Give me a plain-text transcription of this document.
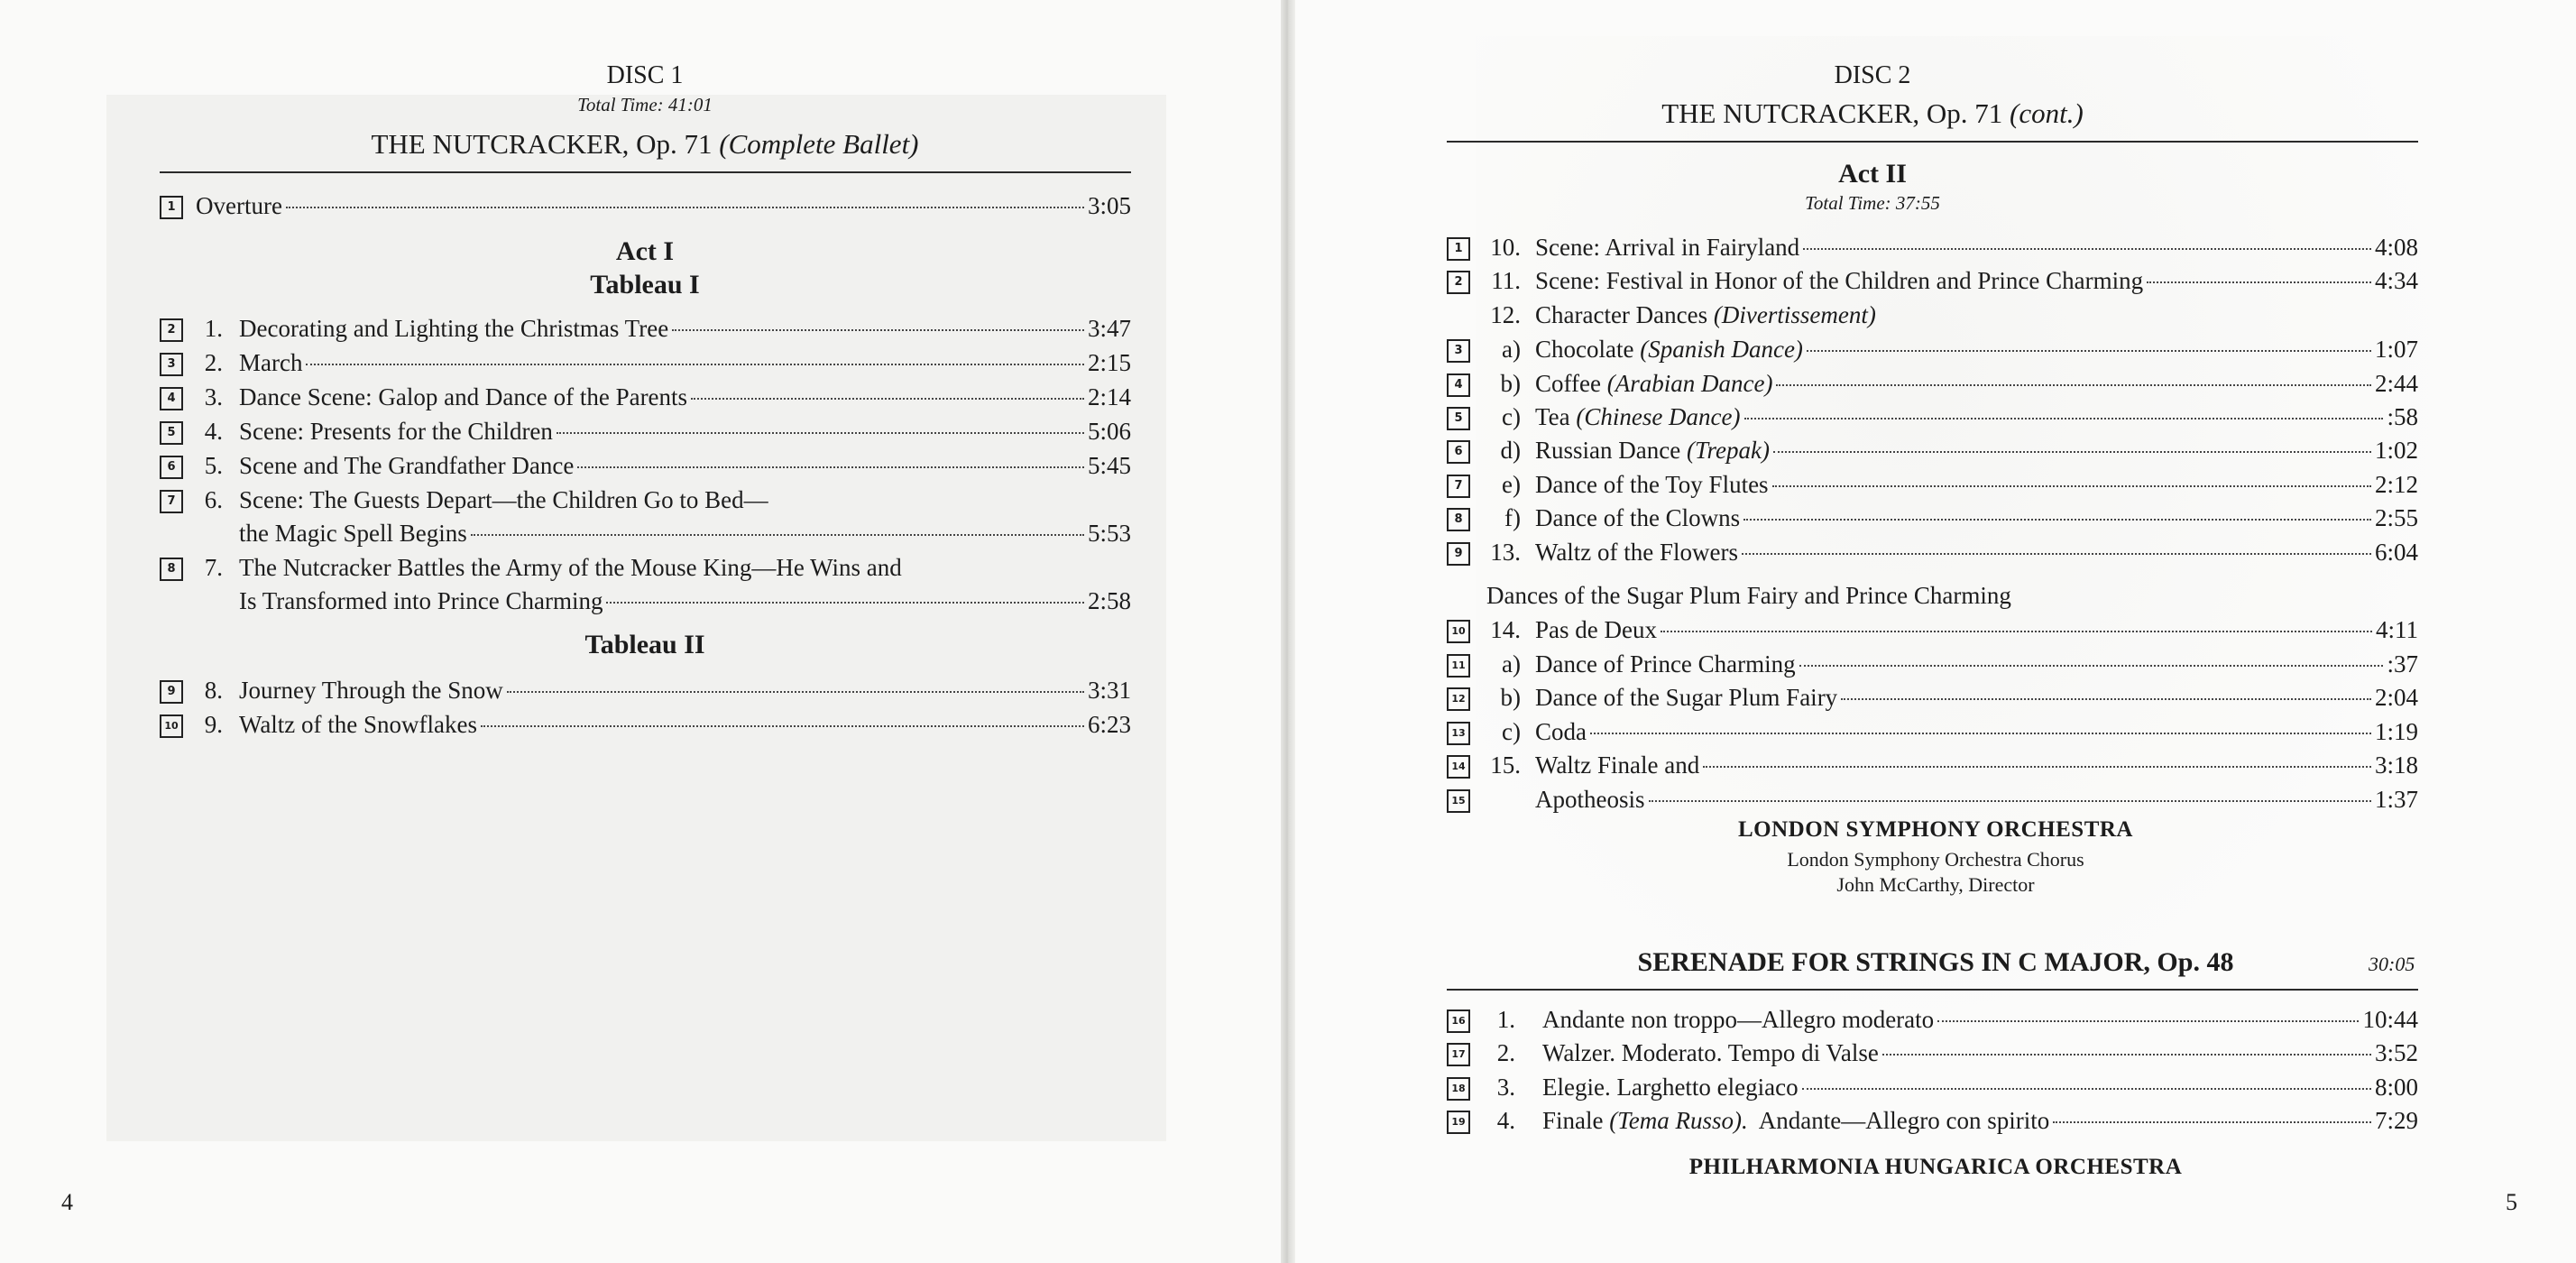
DISC 1
Total Time: 41:01
THE NUTCRACKER, Op. 71 (Complete Ballet)
1 Overture	3:05
Act I
Tableau I
2	1. Decorating and Lighting the Christmas Tree	3:47
3	2. March	2:15
4	3. Dance Scene: Galop and Dance of the Parents	2:14
5	4. Scene: Presents for the Children	5:06
6	5. Scene and The Grandfather Dance	5:45
7	6. Scene: The Guests Depart—the Children Go to Bed—
the Magic Spell Begins	5:53
8	7. The Nutcracker Battles the Army of the Mouse King—He Wins and
Is Transformed into Prince Charming	2:58
Tableau II
9	8. Journey Through the Snow	3:31
10	9. Waltz of the Snowflakes	6:23
4
DISC 2
THE NUTCRACKER, Op. 71 (cont.)
Act II
Total Time: 37:55
1	10. Scene: Arrival in Fairyland	4:08
2	11. Scene: Festival in Honor of the Children and Prince Charming	4:34
12. Character Dances (Divertissement)
3	a) Chocolate (Spanish Dance)	1:07
4	b) Coffee (Arabian Dance)	2:44
5	c) Tea (Chinese Dance)	:58
6	d) Russian Dance (Trepak)	1:02
7	e) Dance of the Toy Flutes	2:12
8	f) Dance of the Clowns	2:55
9	13. Waltz of the Flowers	6:04
Dances of the Sugar Plum Fairy and Prince Charming
10	14. Pas de Deux	4:11
11	a) Dance of Prince Charming	:37
12	b) Dance of the Sugar Plum Fairy	2:04
13	c) Coda	1:19
14	15. Waltz Finale and	3:18
15	Apotheosis	1:37
LONDON SYMPHONY ORCHESTRA
London Symphony Orchestra Chorus
John McCarthy, Director
SERENADE FOR STRINGS IN C MAJOR, Op. 48	30:05
16	1. Andante non troppo—Allegro moderato	10:44
17	2. Walzer. Moderato. Tempo di Valse	3:52
18	3. Elegie. Larghetto elegiaco	8:00
19	4. Finale (Tema Russo). Andante—Allegro con spirito	7:29
PHILHARMONIA HUNGARICA ORCHESTRA
5
